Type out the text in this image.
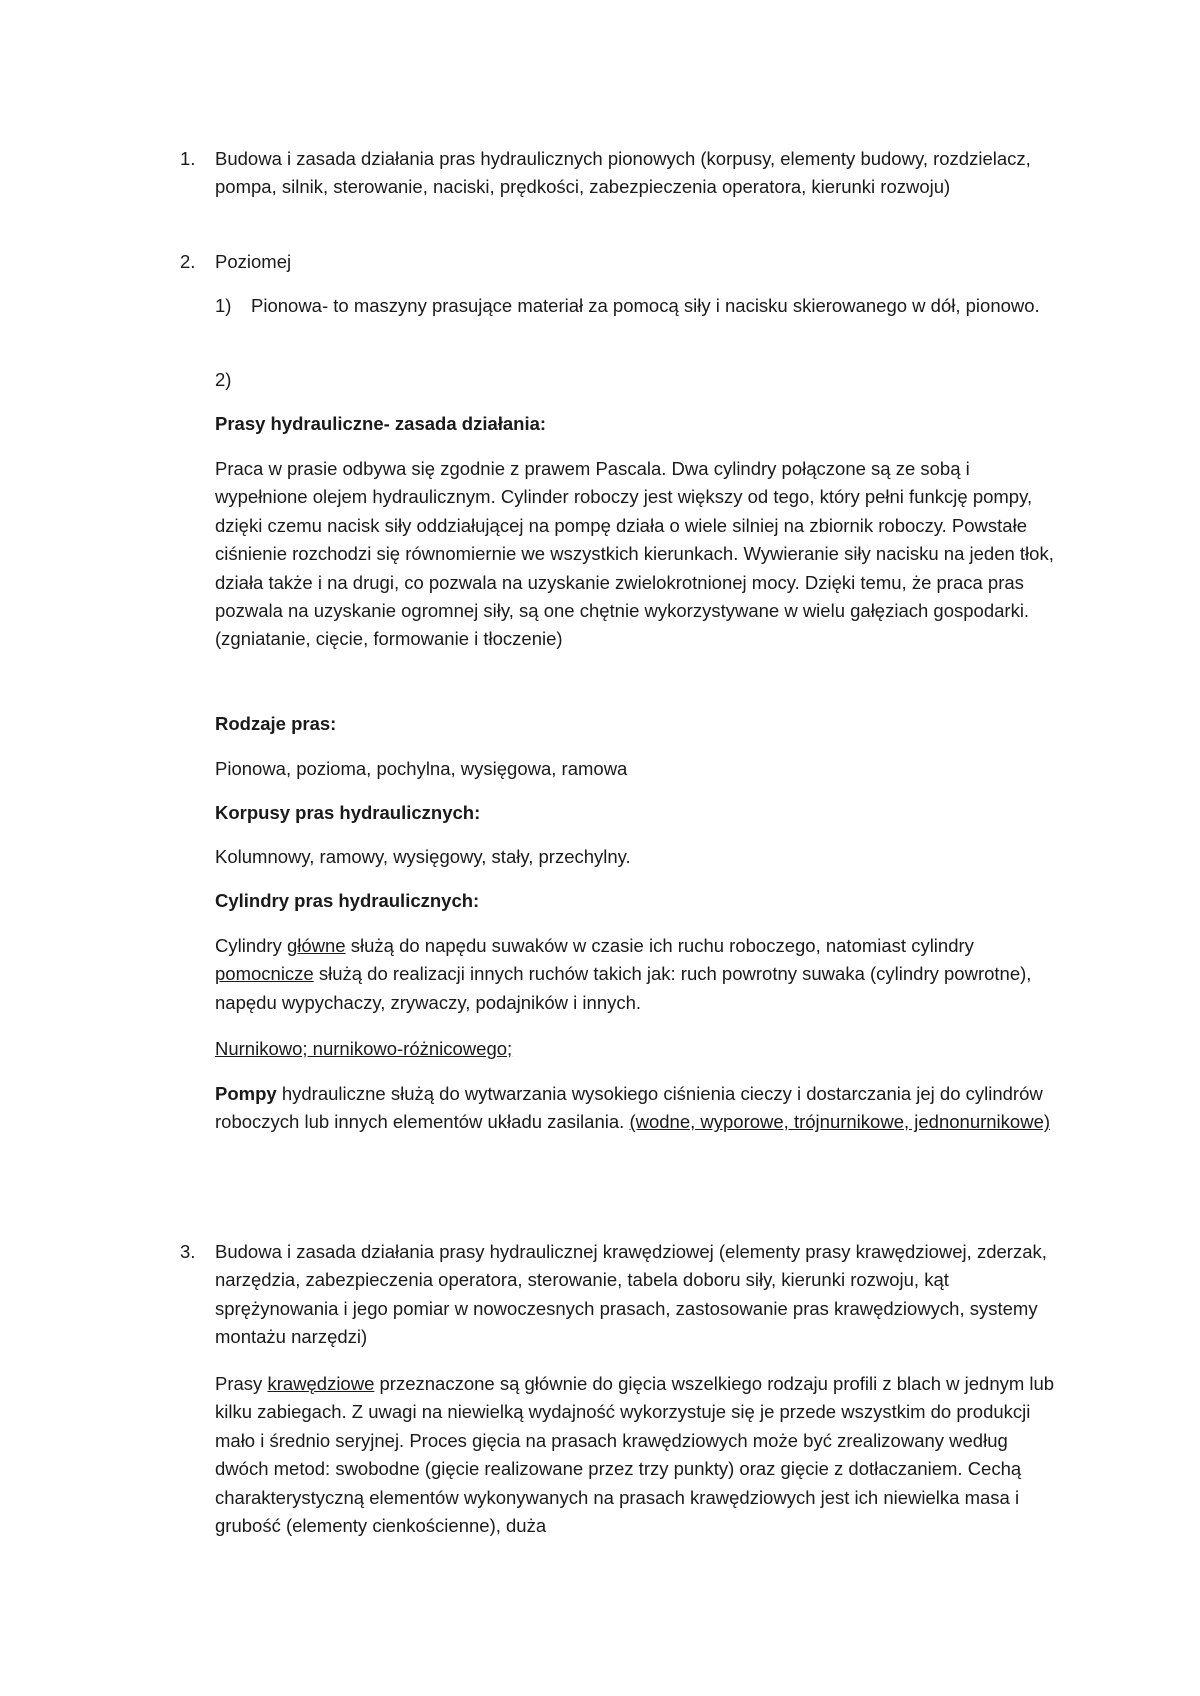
1.	Budowa i zasada działania pras hydraulicznych pionowych (korpusy, elementy budowy, rozdzielacz, pompa, silnik, sterowanie, naciski, prędkości, zabezpieczenia operatora, kierunki rozwoju)
2.	Poziomej
1)	Pionowa- to maszyny prasujące materiał za pomocą siły i nacisku skierowanego w dół, pionowo.
2)
Prasy hydrauliczne- zasada działania:
Praca w prasie odbywa się zgodnie z prawem Pascala. Dwa cylindry połączone są ze sobą i wypełnione olejem hydraulicznym. Cylinder roboczy jest większy od tego, który pełni funkcję pompy, dzięki czemu nacisk siły oddziałującej na pompę działa o wiele silniej na zbiornik roboczy. Powstałe ciśnienie rozchodzi się równomiernie we wszystkich kierunkach. Wywieranie siły nacisku na jeden tłok, działa także i na drugi, co pozwala na uzyskanie zwielokrotnionej mocy. Dzięki temu, że praca pras pozwala na uzyskanie ogromnej siły, są one chętnie wykorzystywane w wielu gałęziach gospodarki. (zgniatanie, cięcie, formowanie i tłoczenie)
Rodzaje pras:
Pionowa, pozioma, pochylna, wysięgowa, ramowa
Korpusy pras hydraulicznych:
Kolumnowy, ramowy, wysięgowy, stały, przechylny.
Cylindry pras hydraulicznych:
Cylindry główne służą do napędu suwaków w czasie ich ruchu roboczego, natomiast cylindry pomocnicze służą do realizacji innych ruchów takich jak: ruch powrotny suwaka (cylindry powrotne), napędu wypychaczy, zrywaczy, podajników i innych.
Nurnikowo; nurnikowo-różnicowego;
Pompy hydrauliczne służą do wytwarzania wysokiego ciśnienia cieczy i dostarczania jej do cylindrów roboczych lub innych elementów układu zasilania. (wodne, wyporowe, trójnurnikowe, jednonurnikowe)
3.	Budowa i zasada działania prasy hydraulicznej krawędziowej (elementy prasy krawędziowej, zderzak, narzędzia, zabezpieczenia operatora, sterowanie, tabela doboru siły, kierunki rozwoju, kąt sprężynowania i jego pomiar w nowoczesnych prasach, zastosowanie pras krawędziowych, systemy montażu narzędzi)
Prasy krawędziowe przeznaczone są głównie do gięcia wszelkiego rodzaju profili z blach w jednym lub kilku zabiegach. Z uwagi na niewielką wydajność wykorzystuje się je przede wszystkim do produkcji mało i średnio seryjnej. Proces gięcia na prasach krawędziowych może być zrealizowany według dwóch metod: swobodne (gięcie realizowane przez trzy punkty) oraz gięcie z dotłaczaniem. Cechą charakterystyczną elementów wykonywanych na prasach krawędziowych jest ich niewielka masa i grubość (elementy cienkościenne), duża
